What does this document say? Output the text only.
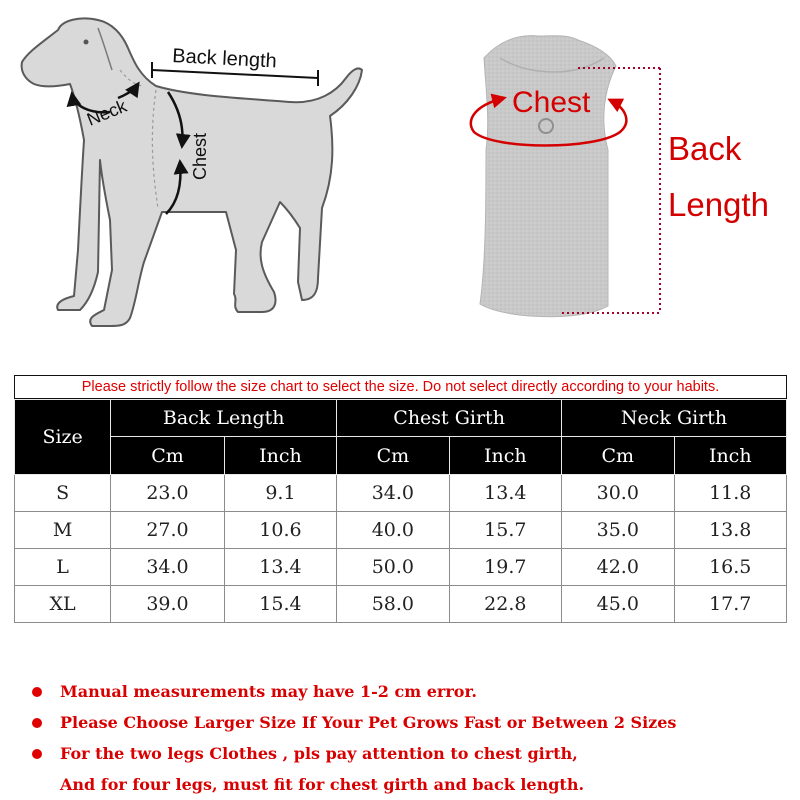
Back length
Neck
Chest
Chest
Back
Length
Please strictly follow the size chart to select the size. Do not select directly according to your habits.
Size	Back Length		Chest Girth		Neck Girth	
	Cm	Inch	Cm	Inch	Cm	Inch
S	23.0	9.1	34.0	13.4	30.0	11.8
M	27.0	10.6	40.0	15.7	35.0	13.8
L	34.0	13.4	50.0	19.7	42.0	16.5
XL	39.0	15.4	58.0	22.8	45.0	17.7
Manual measurements may have 1-2 cm error.
Please Choose Larger Size If Your Pet Grows Fast or Between 2 Sizes
For the two legs Clothes , pls pay attention to chest girth,
And for four legs, must fit for chest girth and back length.
